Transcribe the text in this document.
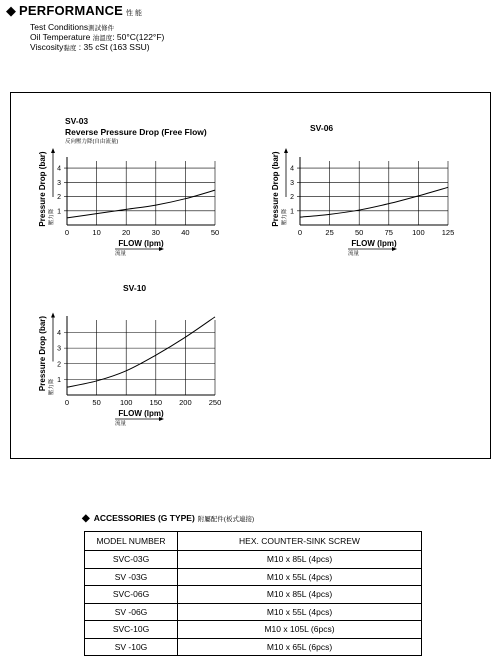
◆ PERFORMANCE 性 能
Test Conditions測試條件
Oil Temperature 油溫度: 50°C(122°F)
Viscosity黏度 : 35 cSt (163 SSU)
SV-03
Reverse Pressure Drop (Free Flow)
反向壓力降(自由流量)
0	10	20	30	40	50
1
2
3
4
FLOW (lpm)
流量
Pressure Drop (bar) 壓力降
SV-06
0	25	50	75	100 125
1
2
3
4
FLOW (lpm)
流量
Pressure Drop (bar) 壓力降
SV-10
0	50	100 150 200 250
1
2
3
4
FLOW (lpm)
流量
Pressure Drop (bar) 壓力降
◆ ACCESSORIES (G TYPE) 附屬配件(板式連接)
MODEL NUMBER	HEX. COUNTER-SINK SCREW
SVC-03G	M10 x 85L (4pcs)
SV -03G	M10 x 55L (4pcs)
SVC-06G	M10 x 85L (4pcs)
SV -06G	M10 x 55L (4pcs)
SVC-10G	M10 x 105L (6pcs)
SV -10G	M10 x 65L (6pcs)
